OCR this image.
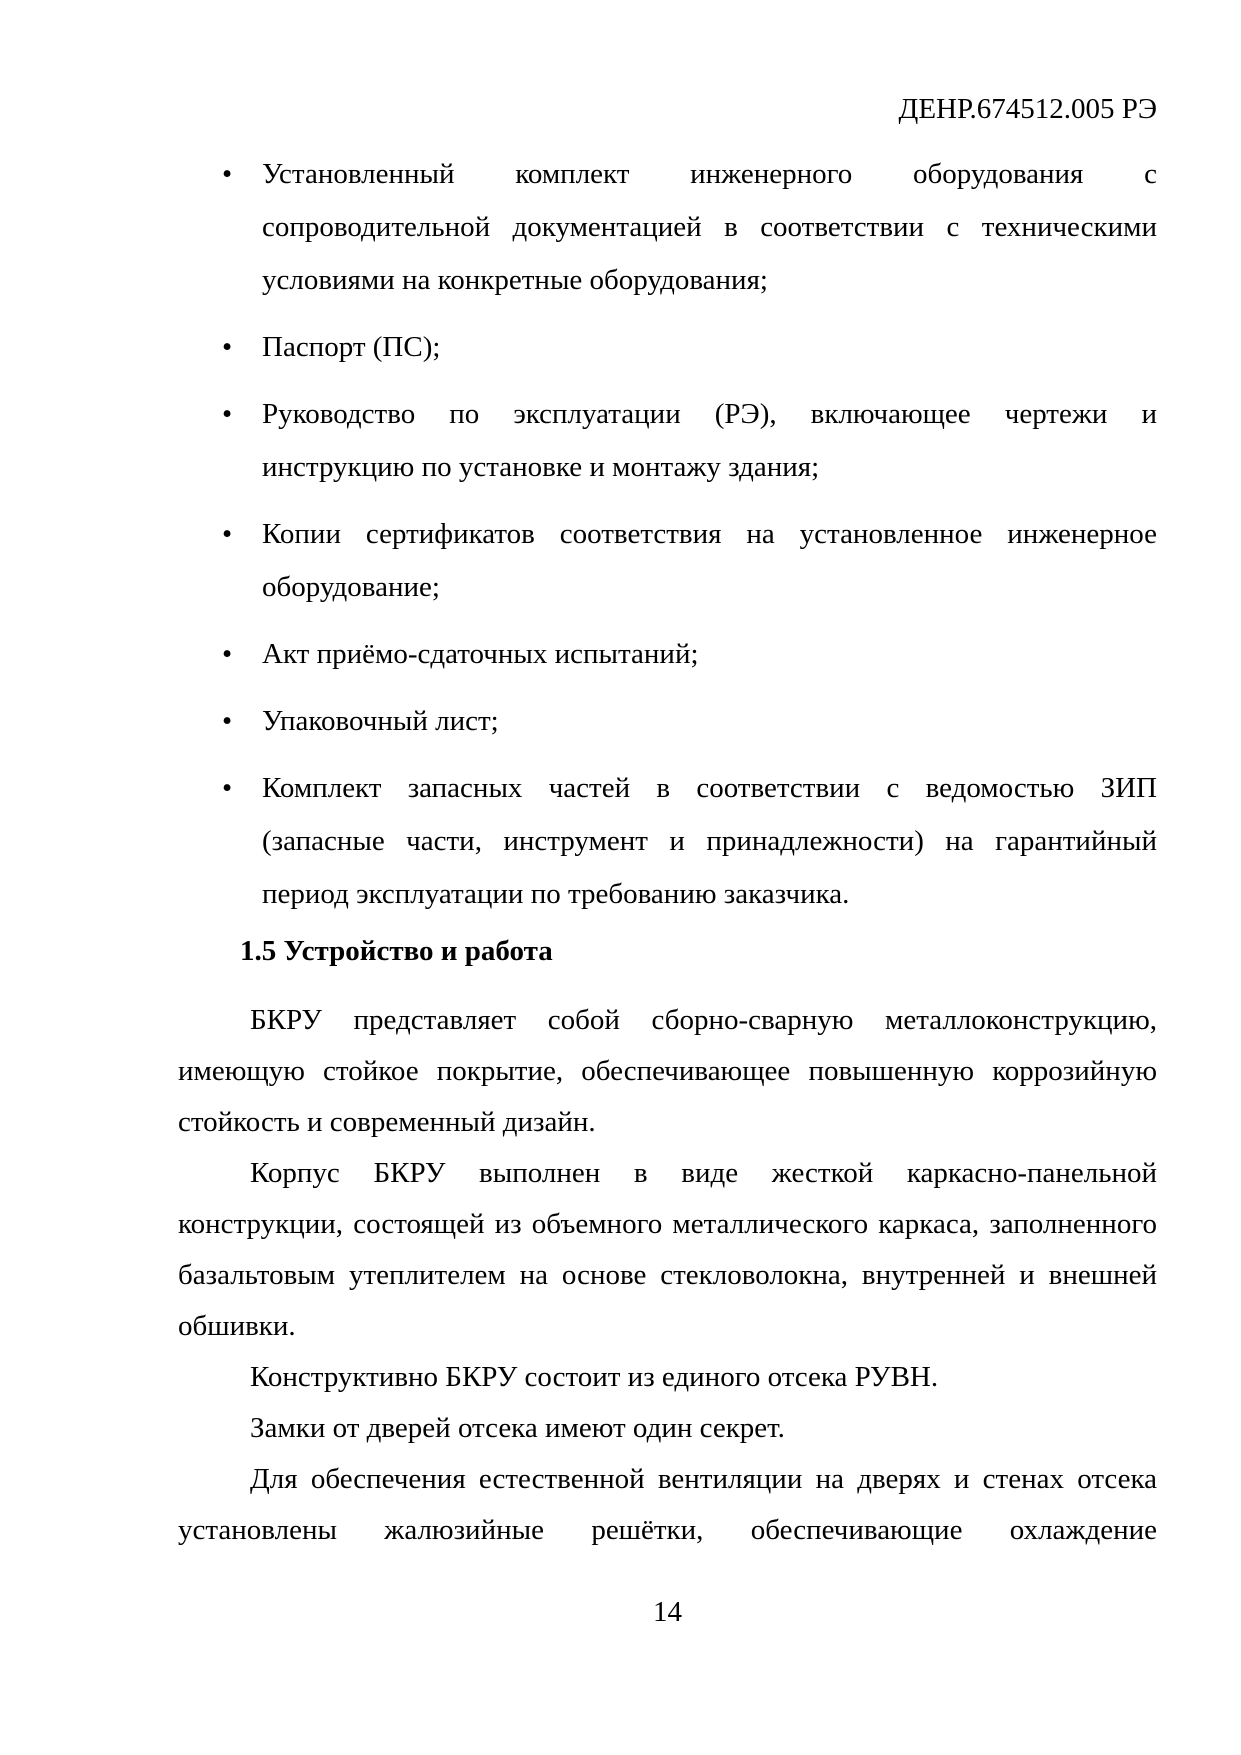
ДЕНР.674512.005 РЭ
• Установленный комплект инженерного оборудования с
сопроводительной документацией в соответствии с техническими
условиями на конкретные оборудования;
• Паспорт (ПС);
• Руководство по эксплуатации (РЭ), включающее чертежи и
инструкцию по установке и монтажу здания;
• Копии сертификатов соответствия на установленное инженерное
оборудование;
• Акт приёмо-сдаточных испытаний;
• Упаковочный лист;
• Комплект запасных частей в соответствии с ведомостью ЗИП
(запасные части, инструмент и принадлежности) на гарантийный
период эксплуатации по требованию заказчика.
1.5 Устройство и работа
БКРУ представляет собой сборно-сварную металлоконструкцию,
имеющую стойкое покрытие, обеспечивающее повышенную коррозийную
стойкость и современный дизайн.
Корпус БКРУ выполнен в виде жесткой каркасно-панельной
конструкции, состоящей из объемного металлического каркаса, заполненного
базальтовым утеплителем на основе стекловолокна, внутренней и внешней
обшивки.
Конструктивно БКРУ состоит из единого отсека РУВН.
Замки от дверей отсека имеют один секрет.
Для обеспечения естественной вентиляции на дверях и стенах отсека
установлены жалюзийные решётки, обеспечивающие охлаждение
14
